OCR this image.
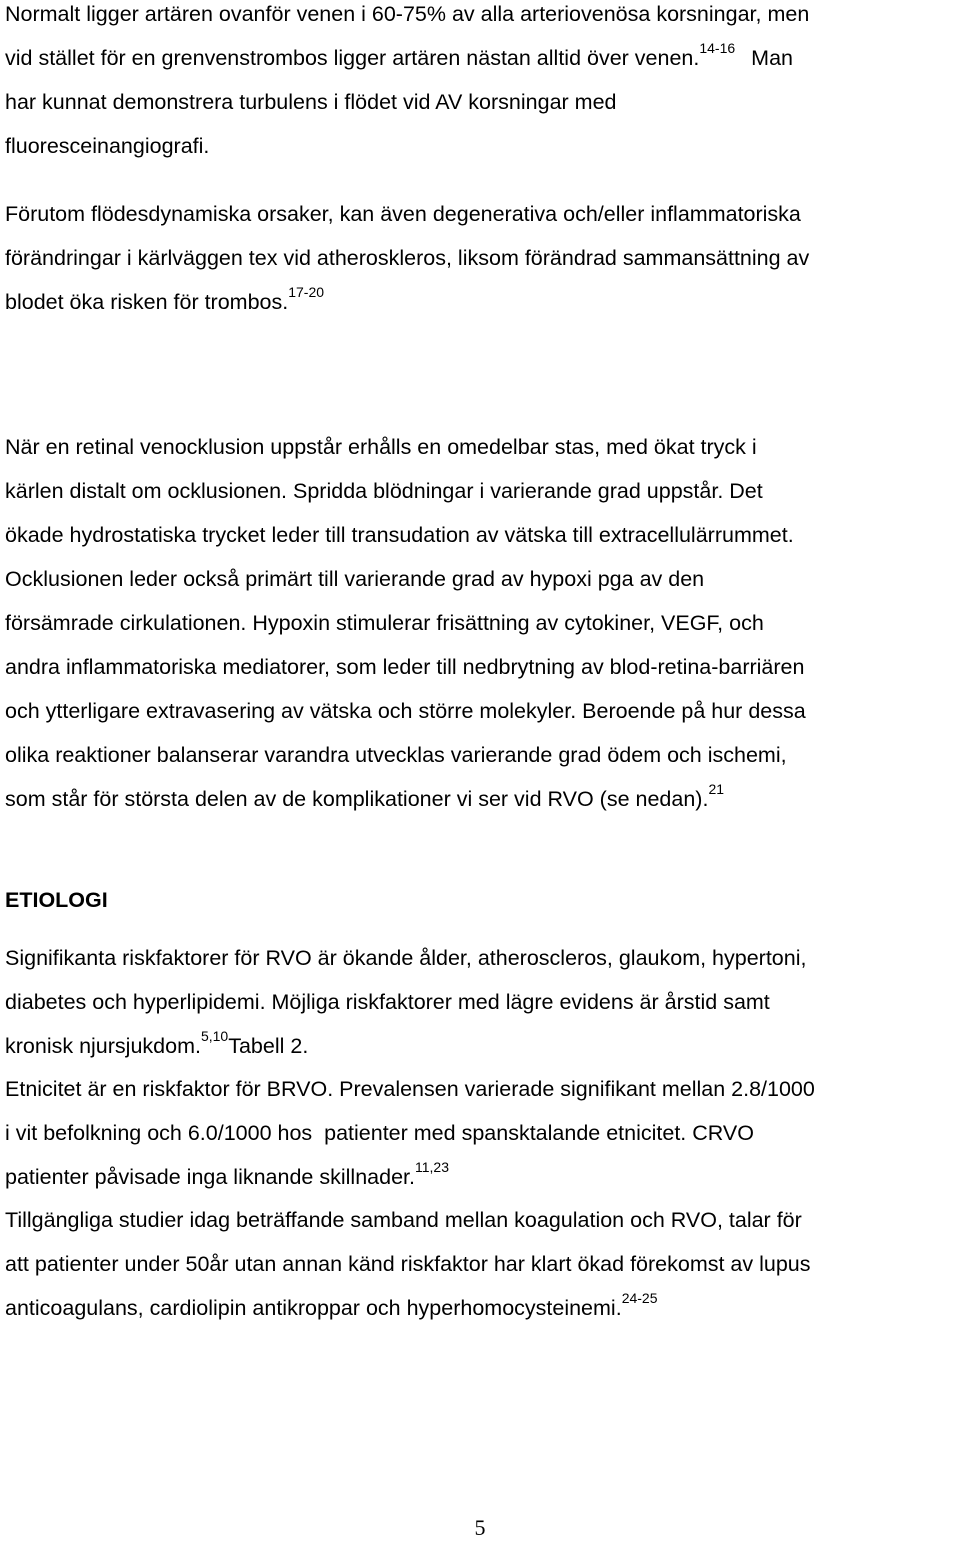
Normalt ligger artären ovanför venen i 60-75% av alla arteriovenösa korsningar, men
vid stället för en grenvenstrombos ligger artären nästan alltid över venen.$^{14-16}$ Man
har kunnat demonstrera turbulens i flödet vid AV korsningar med
fluoresceinangiografi.
Förutom flödesdynamiska orsaker, kan även degenerativa och/eller inflammatoriska
förändringar i kärlväggen tex vid atheroskleros, liksom förändrad sammansättning av
blodet öka risken för trombos.$^{17-20}$
När en retinal venocklusion uppstår erhålls en omedelbar stas, med ökat tryck i
kärlen distalt om ocklusionen. Spridda blödningar i varierande grad uppstår. Det
ökade hydrostatiska trycket leder till transudation av vätska till extracellulärrummet.
Ocklusionen leder också primärt till varierande grad av hypoxi pga av den
försämrade cirkulationen. Hypoxin stimulerar frisättning av cytokiner, VEGF, och
andra inflammatoriska mediatorer, som leder till nedbrytning av blod-retina-barriären
och ytterligare extravasering av vätska och större molekyler. Beroende på hur dessa
olika reaktioner balanserar varandra utvecklas varierande grad ödem och ischemi,
som står för största delen av de komplikationer vi ser vid RVO (se nedan).$^{21}$
ETIOLOGI
Signifikanta riskfaktorer för RVO är ökande ålder, atheroscleros, glaukom, hypertoni,
diabetes och hyperlipidemi. Möjliga riskfaktorer med lägre evidens är årstid samt
kronisk njursjukdom.$^{5,10}$Tabell 2.
Etnicitet är en riskfaktor för BRVO. Prevalensen varierade signifikant mellan 2.8/1000
i vit befolkning och 6.0/1000 hos  patienter med spansktalande etnicitet. CRVO
patienter påvisade inga liknande skillnader.$^{11,23}$
Tillgängliga studier idag beträffande samband mellan koagulation och RVO, talar för
att patienter under 50år utan annan känd riskfaktor har klart ökad förekomst av lupus
anticoagulans, cardiolipin antikroppar och hyperhomocysteinemi.$^{24-25}$
5
